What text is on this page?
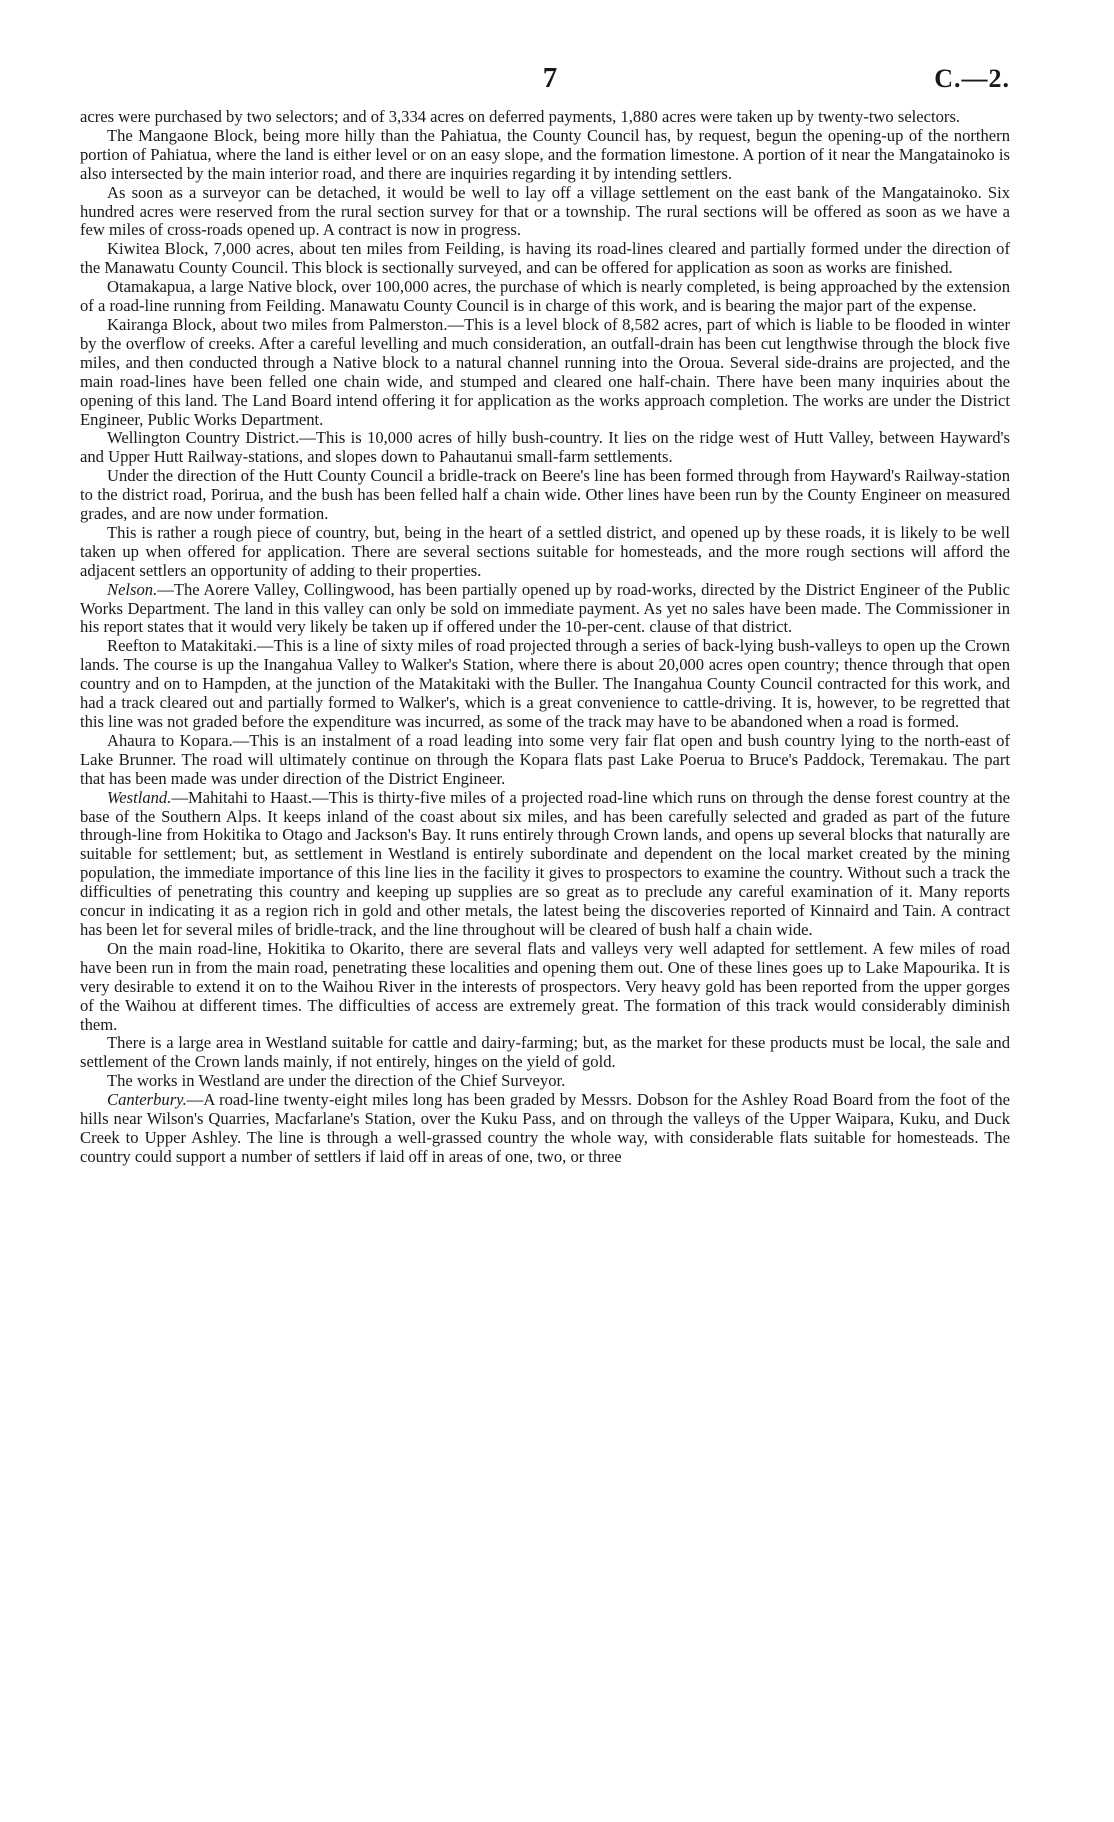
7	C.—2.

acres were purchased by two selectors; and of 3,334 acres on deferred payments, 1,880 acres were taken up by twenty-two selectors.

The Mangaone Block, being more hilly than the Pahiatua, the County Council has, by request, begun the opening-up of the northern portion of Pahiatua, where the land is either level or on an easy slope, and the formation limestone. A portion of it near the Mangatainoko is also intersected by the main interior road, and there are inquiries regarding it by intending settlers.

As soon as a surveyor can be detached, it would be well to lay off a village settlement on the east bank of the Mangatainoko. Six hundred acres were reserved from the rural section survey for that or a township. The rural sections will be offered as soon as we have a few miles of cross-roads opened up. A contract is now in progress.

Kiwitea Block, 7,000 acres, about ten miles from Feilding, is having its road-lines cleared and partially formed under the direction of the Manawatu County Council. This block is sectionally surveyed, and can be offered for application as soon as works are finished.

Otamakapua, a large Native block, over 100,000 acres, the purchase of which is nearly completed, is being approached by the extension of a road-line running from Feilding. Manawatu County Council is in charge of this work, and is bearing the major part of the expense.

Kairanga Block, about two miles from Palmerston.—This is a level block of 8,582 acres, part of which is liable to be flooded in winter by the overflow of creeks. After a careful levelling and much consideration, an outfall-drain has been cut lengthwise through the block five miles, and then conducted through a Native block to a natural channel running into the Oroua. Several side-drains are projected, and the main road-lines have been felled one chain wide, and stumped and cleared one half-chain. There have been many inquiries about the opening of this land. The Land Board intend offering it for application as the works approach completion. The works are under the District Engineer, Public Works Department.

Wellington Country District.—This is 10,000 acres of hilly bush-country. It lies on the ridge west of Hutt Valley, between Hayward's and Upper Hutt Railway-stations, and slopes down to Pahautanui small-farm settlements.

Under the direction of the Hutt County Council a bridle-track on Beere's line has been formed through from Hayward's Railway-station to the district road, Porirua, and the bush has been felled half a chain wide. Other lines have been run by the County Engineer on measured grades, and are now under formation.

This is rather a rough piece of country, but, being in the heart of a settled district, and opened up by these roads, it is likely to be well taken up when offered for application. There are several sections suitable for homesteads, and the more rough sections will afford the adjacent settlers an opportunity of adding to their properties.

Nelson.—The Aorere Valley, Collingwood, has been partially opened up by road-works, directed by the District Engineer of the Public Works Department. The land in this valley can only be sold on immediate payment. As yet no sales have been made. The Commissioner in his report states that it would very likely be taken up if offered under the 10-per-cent. clause of that district.

Reefton to Matakitaki.—This is a line of sixty miles of road projected through a series of back-lying bush-valleys to open up the Crown lands. The course is up the Inangahua Valley to Walker's Station, where there is about 20,000 acres open country; thence through that open country and on to Hampden, at the junction of the Matakitaki with the Buller. The Inangahua County Council contracted for this work, and had a track cleared out and partially formed to Walker's, which is a great convenience to cattle-driving. It is, however, to be regretted that this line was not graded before the expenditure was incurred, as some of the track may have to be abandoned when a road is formed.

Ahaura to Kopara.—This is an instalment of a road leading into some very fair flat open and bush country lying to the north-east of Lake Brunner. The road will ultimately continue on through the Kopara flats past Lake Poerua to Bruce's Paddock, Teremakau. The part that has been made was under direction of the District Engineer.

Westland.—Mahitahi to Haast.—This is thirty-five miles of a projected road-line which runs on through the dense forest country at the base of the Southern Alps. It keeps inland of the coast about six miles, and has been carefully selected and graded as part of the future through-line from Hokitika to Otago and Jackson's Bay. It runs entirely through Crown lands, and opens up several blocks that naturally are suitable for settlement; but, as settlement in Westland is entirely subordinate and dependent on the local market created by the mining population, the immediate importance of this line lies in the facility it gives to prospectors to examine the country. Without such a track the difficulties of penetrating this country and keeping up supplies are so great as to preclude any careful examination of it. Many reports concur in indicating it as a region rich in gold and other metals, the latest being the discoveries reported of Kinnaird and Tain. A contract has been let for several miles of bridle-track, and the line throughout will be cleared of bush half a chain wide.

On the main road-line, Hokitika to Okarito, there are several flats and valleys very well adapted for settlement. A few miles of road have been run in from the main road, penetrating these localities and opening them out. One of these lines goes up to Lake Mapourika. It is very desirable to extend it on to the Waihou River in the interests of prospectors. Very heavy gold has been reported from the upper gorges of the Waihou at different times. The difficulties of access are extremely great. The formation of this track would considerably diminish them.

There is a large area in Westland suitable for cattle and dairy-farming; but, as the market for these products must be local, the sale and settlement of the Crown lands mainly, if not entirely, hinges on the yield of gold.

The works in Westland are under the direction of the Chief Surveyor.

Canterbury.—A road-line twenty-eight miles long has been graded by Messrs. Dobson for the Ashley Road Board from the foot of the hills near Wilson's Quarries, Macfarlane's Station, over the Kuku Pass, and on through the valleys of the Upper Waipara, Kuku, and Duck Creek to Upper Ashley. The line is through a well-grassed country the whole way, with considerable flats suitable for homesteads. The country could support a number of settlers if laid off in areas of one, two, or three
